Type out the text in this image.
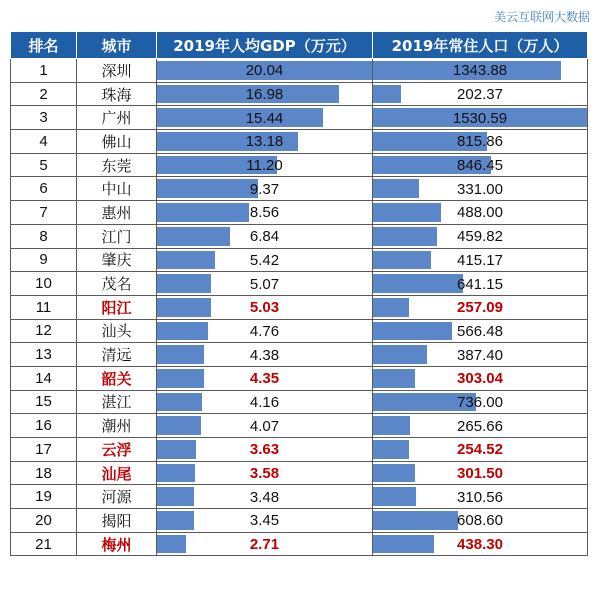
美云互联网大数据
排名	城市	2019年人均GDP（万元）	2019年常住人口（万人）
1	深圳	20.04	1343.88
2	珠海	16.98	202.37
3	广州	15.44	1530.59
4	佛山	13.18	815.86
5	东莞	11.20	846.45
6	中山	9.37	331.00
7	惠州	8.56	488.00
8	江门	6.84	459.82
9	肇庆	5.42	415.17
10	茂名	5.07	641.15
11	阳江	5.03	257.09
12	汕头	4.76	566.48
13	清远	4.38	387.40
14	韶关	4.35	303.04
15	湛江	4.16	736.00
16	潮州	4.07	265.66
17	云浮	3.63	254.52
18	汕尾	3.58	301.50
19	河源	3.48	310.56
20	揭阳	3.45	608.60
21	梅州	2.71	438.30
